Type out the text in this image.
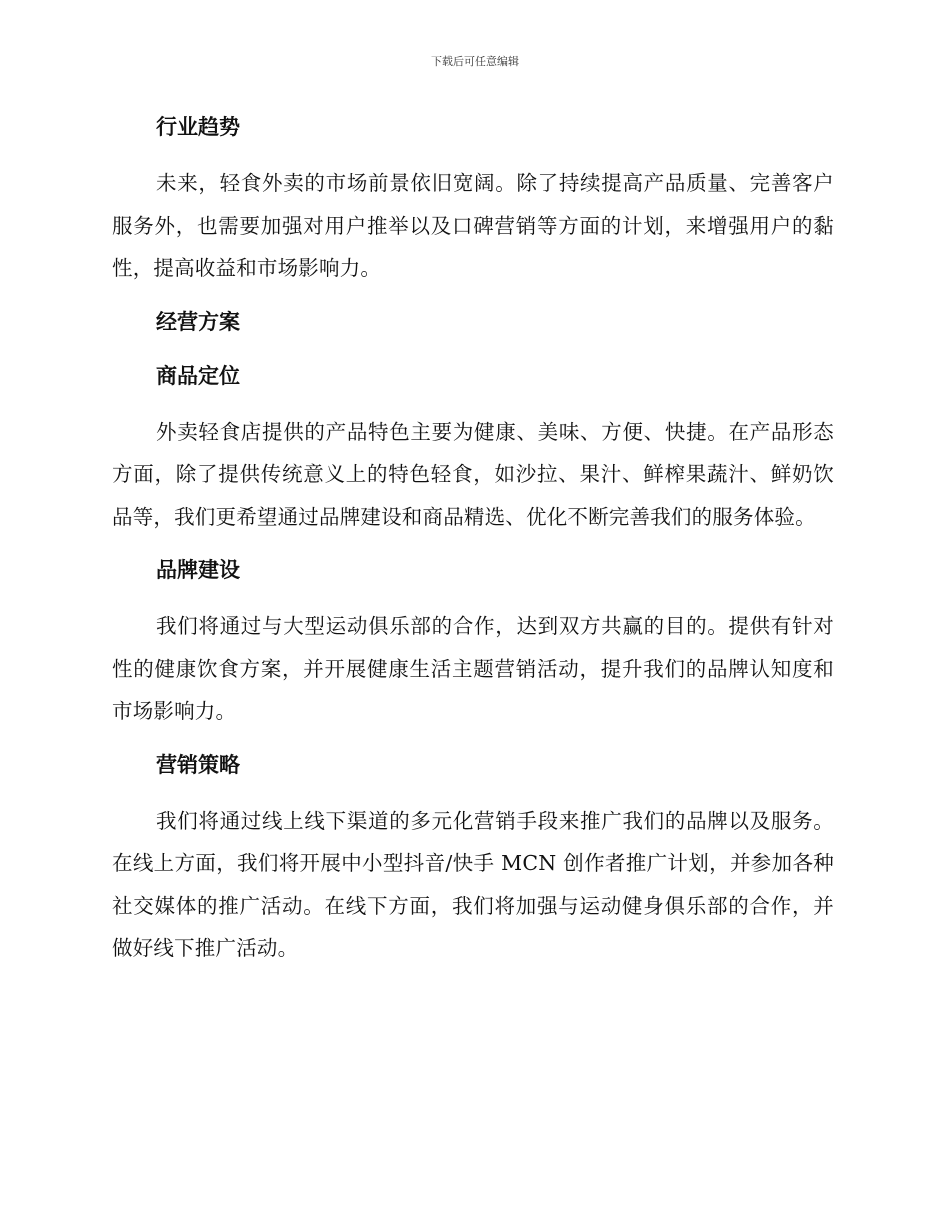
下载后可任意编辑
行业趋势

未来，轻食外卖的市场前景依旧宽阔。除了持续提高产品质量、完善客户服务外，也需要加强对用户推举以及口碑营销等方面的计划，来增强用户的黏性，提高收益和市场影响力。

经营方案
商品定位

外卖轻食店提供的产品特色主要为健康、美味、方便、快捷。在产品形态方面，除了提供传统意义上的特色轻食，如沙拉、果汁、鲜榨果蔬汁、鲜奶饮品等，我们更希望通过品牌建设和商品精选、优化不断完善我们的服务体验。

品牌建设

我们将通过与大型运动俱乐部的合作，达到双方共赢的目的。提供有针对性的健康饮食方案，并开展健康生活主题营销活动，提升我们的品牌认知度和市场影响力。

营销策略

我们将通过线上线下渠道的多元化营销手段来推广我们的品牌以及服务。在线上方面，我们将开展中小型抖音/快手 MCN 创作者推广计划，并参加各种社交媒体的推广活动。在线下方面，我们将加强与运动健身俱乐部的合作，并做好线下推广活动。
